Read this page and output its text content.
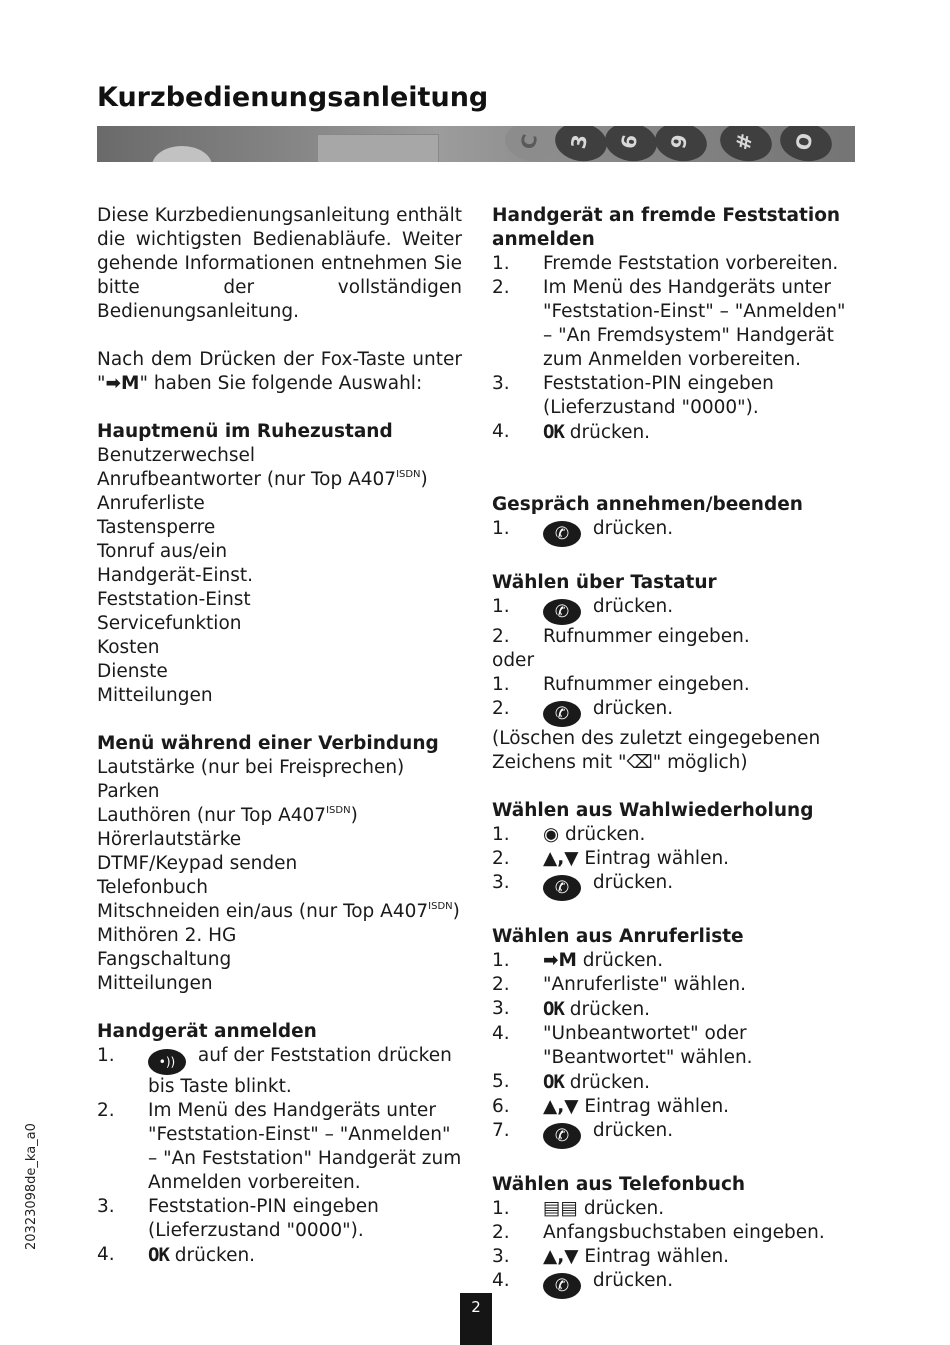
Kurzbedienungsanleitung
C	3	6	9	#	O

Diese Kurzbedienungsanleitung enthält die wichtigsten Bedienabläufe. Weiter gehende Informationen entnehmen Sie bitte der vollständigen Bedienungsanleitung.

Nach dem Drücken der Fox-Taste unter "➡M" haben Sie folgende Auswahl:

Hauptmenü im Ruhezustand

Benutzerwechsel

Anrufbeantworter (nur Top $A407^{ISDN}$)

Anruferliste

Tastensperre

Tonruf aus/ein

Handgerät-Einst.

Feststation-Einst

Servicefunktion

Kosten

Dienste

Mitteilungen

Menü während einer Verbindung

Lautstärke (nur bei Freisprechen)

Parken

Lauthören (nur Top $A407^{ISDN}$)

Hörerlautstärke

DTMF/Keypad senden

Telefonbuch

Mitschneiden ein/aus (nur Top $A407^{ISDN}$)

Mithören 2. HG

Fangschaltung

Mitteilungen

Handgerät anmelden

1.	•)) auf der Feststation drücken bis Taste blinkt.
2. Im Menü des Handgeräts unter "Feststation-Einst" – "Anmelden" – "An Feststation" Handgerät zum Anmelden vorbereiten.
3. Feststation-PIN eingeben (Lieferzustand "0000").
4. OK drücken.

Handgerät an fremde Feststation anmelden

1. Fremde Feststation vorbereiten.
2. Im Menü des Handgeräts unter "Feststation-Einst" – "Anmelden" – "An Fremdsystem" Handgerät zum Anmelden vorbereiten.
3. Feststation-PIN eingeben (Lieferzustand "0000").
4. OK drücken.

Gespräch annehmen/beenden

1.	✆ drücken.

Wählen über Tastatur

1.	✆ drücken.
2. Rufnummer eingeben.

oder

1. Rufnummer eingeben.
2.	✆ drücken.

(Löschen des zuletzt eingegebenen Zeichens mit "⌫" möglich)

Wählen aus Wahlwiederholung

1. ◉ drücken.
2. ▲,▼ Eintrag wählen.
3.	✆ drücken.

Wählen aus Anruferliste

1. ➡M drücken.
2. "Anruferliste" wählen.
3. OK drücken.
4. "Unbeantwortet" oder "Beantwortet" wählen.
5. OK drücken.
6. ▲,▼ Eintrag wählen.
7.	✆ drücken.

Wählen aus Telefonbuch

1. ▤▤ drücken.
2. Anfangsbuchstaben eingeben.
3. ▲,▼ Eintrag wählen.
4.	✆ drücken.
20323098de_ka_a0
2
